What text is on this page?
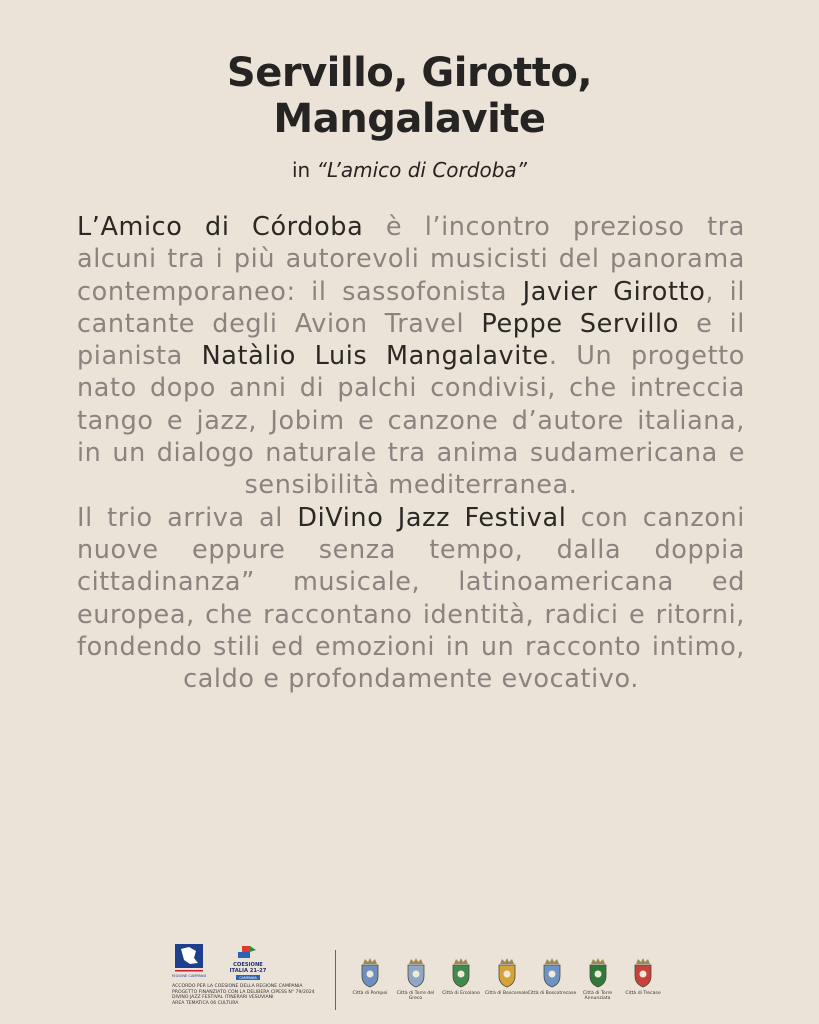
Servillo, Girotto,
Mangalavite
in “L’amico di Cordoba”

L’Amico di Córdoba è l’incontro prezioso tra alcuni tra i più autorevoli musicisti del panorama contemporaneo: il sassofonista Javier Girotto, il cantante degli Avion Travel Peppe Servillo e il pianista Natàlio Luis Mangalavite. Un progetto nato dopo anni di palchi condivisi, che intreccia tango e jazz, Jobim e canzone d’autore italiana, in un dialogo naturale tra anima sudamericana e sensibilità mediterranea.

Il trio arriva al DiVino Jazz Festival con canzoni nuove eppure senza tempo, dalla doppia cittadinanza” musicale, latinoamericana ed europea, che raccontano identità, radici e ritorni, fondendo stili ed emozioni in un racconto intimo, caldo e profondamente evocativo.

REGIONE CAMPANIA
COESIONE
ITALIA 21-27
CAMPANIA
ACCORDO PER LA COESIONE DELLA REGIONE CAMPANIA
PROGETTO FINANZIATO CON LA DELIBERA CIPESS N° 79/2024
DIVINO JAZZ FESTIVAL ITINERARI VESUVIANI
AREA TEMATICA 06 CULTURA
Città di Pompei	Città di Torre del Greco
Città di Ercolano	Città di Boscoreale Città di Boscotrecase	Città di Torre Annunziata
Città di Trecase
